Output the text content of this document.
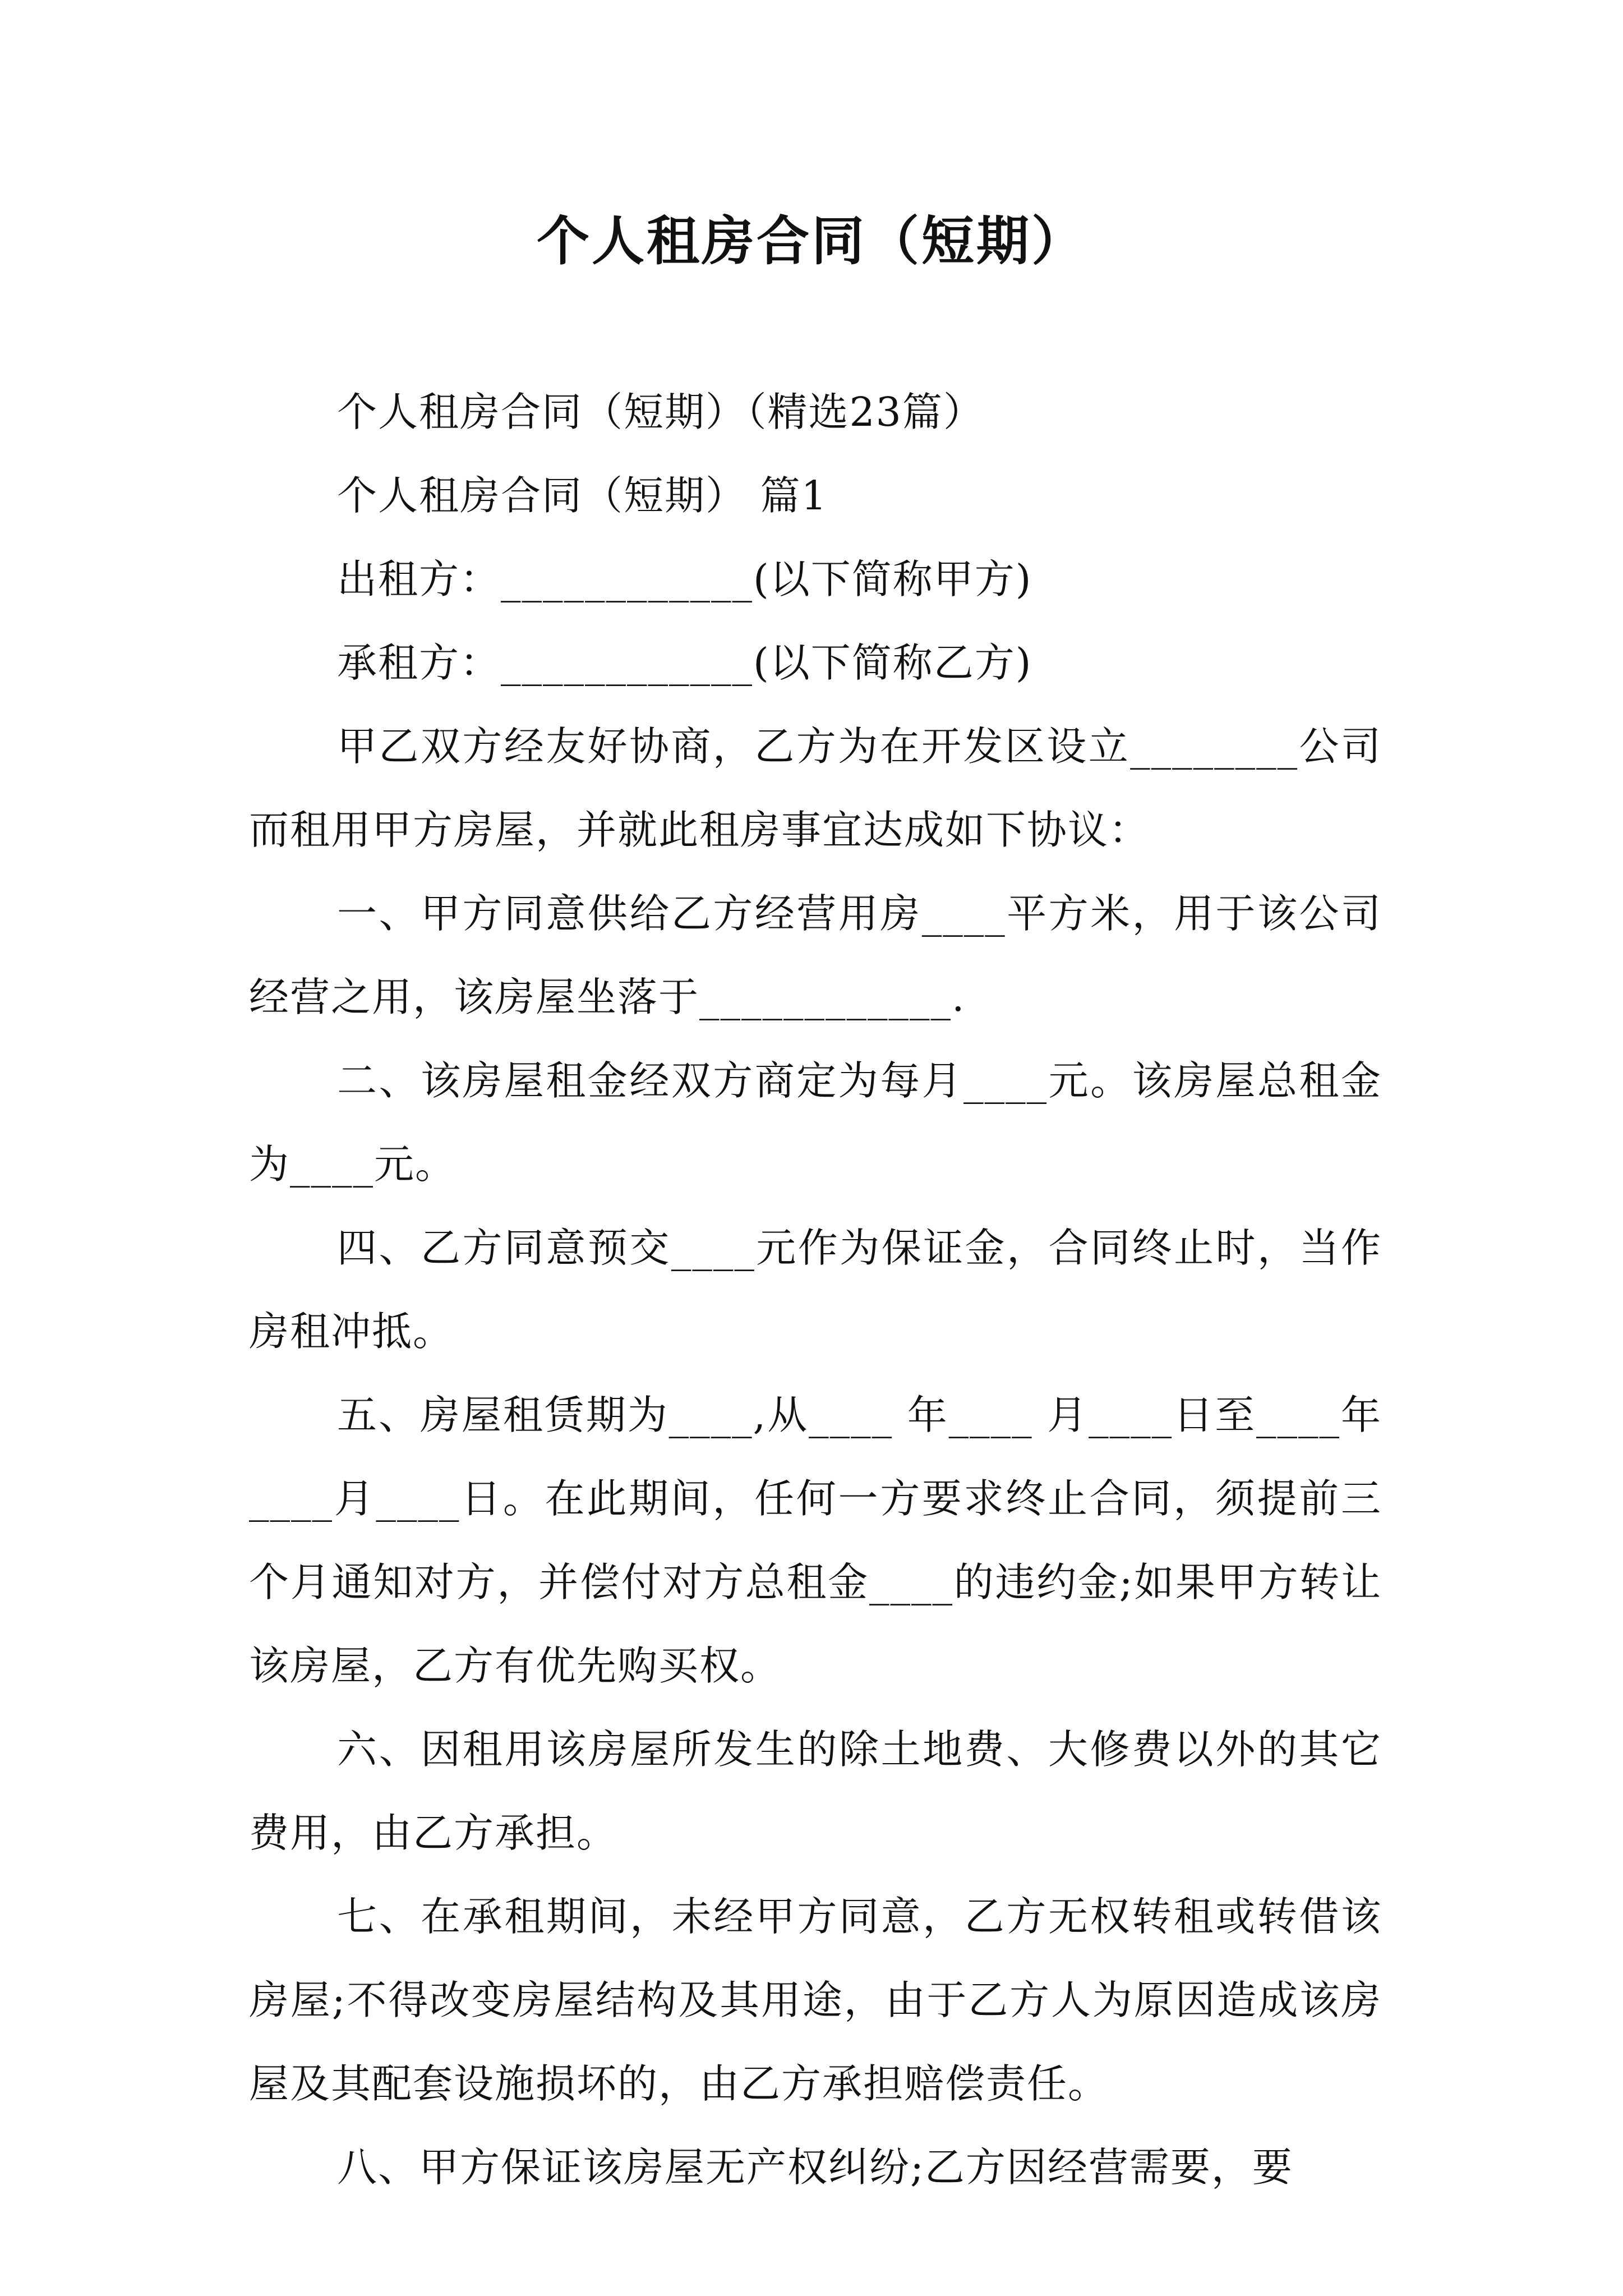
个人租房合同（短期）

个人租房合同（短期）（精选23篇）

个人租房合同（短期） 篇1

出租方：____________(以下简称甲方)

承租方：____________(以下简称乙方)

甲乙双方经友好协商，乙方为在开发区设立________公司而租用甲方房屋，并就此租房事宜达成如下协议：

一、甲方同意供给乙方经营用房____平方米，用于该公司经营之用，该房屋坐落于____________.

二、该房屋租金经双方商定为每月____元。该房屋总租金为____元。

四、乙方同意预交____元作为保证金，合同终止时，当作房租冲抵。

五、房屋租赁期为____,从____ 年____ 月____日至____年____月____日。在此期间，任何一方要求终止合同，须提前三个月通知对方，并偿付对方总租金____的违约金;如果甲方转让该房屋，乙方有优先购买权。

六、因租用该房屋所发生的除土地费、大修费以外的其它费用，由乙方承担。

七、在承租期间，未经甲方同意，乙方无权转租或转借该房屋;不得改变房屋结构及其用途，由于乙方人为原因造成该房屋及其配套设施损坏的，由乙方承担赔偿责任。

八、甲方保证该房屋无产权纠纷;乙方因经营需要，要
